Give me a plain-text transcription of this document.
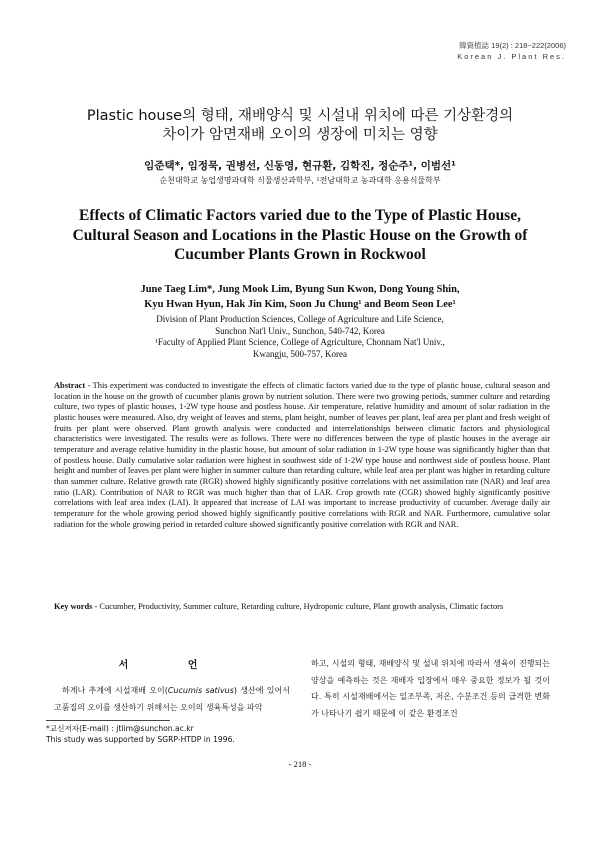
韓資植誌 19(2) : 218~222(2006)
Korean J. Plant Res.
Plastic house의 형태, 재배양식 및 시설내 위치에 따른 기상환경의
차이가 암면재배 오이의 생장에 미치는 영향
임준택*, 임정묵, 권병선, 신동영, 현규환, 김학진, 정순주¹, 이범선¹
순천대학교 농업생명과대학 식물생산과학부, ¹전남대학교 농과대학 응용식물학부
Effects of Climatic Factors varied due to the Type of Plastic House,
Cultural Season and Locations in the Plastic House on the Growth of
Cucumber Plants Grown in Rockwool
June Taeg Lim*, Jung Mook Lim, Byung Sun Kwon, Dong Young Shin,
Kyu Hwan Hyun, Hak Jin Kim, Soon Ju Chung¹ and Beom Seon Lee¹
Division of Plant Production Sciences, College of Agriculture and Life Science,
Sunchon Nat'l Univ., Sunchon, 540-742, Korea
¹Faculty of Applied Plant Science, College of Agriculture, Chonnam Nat'l Univ.,
Kwangju, 500-757, Korea

Abstract - This experiment was conducted to investigate the effects of climatic factors varied due to the type of plastic house, cultural season and location in the house on the growth of cucumber plants grown by nutrient solution. There were two growing periods, summer culture and retarding culture, two types of plastic houses, 1-2W type house and postless house. Air temperature, relative humidity and amount of solar radiation in the plastic houses were measured. Also, dry weight of leaves and stems, plant height, number of leaves per plant, leaf area per plant and fresh weight of fruits per plant were observed. Plant growth analysis were conducted and interrelationships between climatic factors and physiological characteristics were investigated. The results were as follows. There were no differences between the type of plastic houses in the average air temperature and average relative humidity in the plastic house, but amount of solar radiation in 1-2W type house was significantly higher than that of postless house. Daily cumulative solar radiation were highest in southwest side of 1-2W type house and northwest side of postless house. Plant height and number of leaves per plant were higher in summer culture than retarding culture, while leaf area per plant was higher in retarding culture than summer culture. Relative growth rate (RGR) showed highly significantly positive correlations with net assimilation rate (NAR) and leaf area ratio (LAR). Contribution of NAR to RGR was much higher than that of LAR. Crop growth rate (CGR) showed highly significantly positive correlations with leaf area index (LAI). It appeared that increase of LAI was important to increase productivity of cucumber. Average daily air temperature for the whole growing period showed highly significantly positive correlations with RGR and NAR. Furthermore, cumulative solar radiation for the whole growing period in retarded culture showed significantly positive correlation with RGR and NAR.

Key words - Cucumber, Productivity, Summer culture, Retarding culture, Hydroponic culture, Plant growth analysis, Climatic factors

서 언

하계나 추계에 시설재배 오이(Cucumis sativus) 생산에 있어서 고품질의 오이를 생산하기 위해서는 오이의 생육특성을 파악

하고, 시설의 형태, 재배양식 및 설내 위치에 따라서 생육이 진행되는 양상을 예측하는 것은 재배자 입장에서 매우 중요한 정보가 될 것이다. 특히 시설재배에서는 일조부족, 저온, 수분조건 등의 급격한 변화가 나타나기 쉽기 때문에 이 같은 환경조건

*교신저자(E-mail) : jtlim@sunchon.ac.kr
This study was supported by SGRP-HTDP in 1996.
- 218 -
